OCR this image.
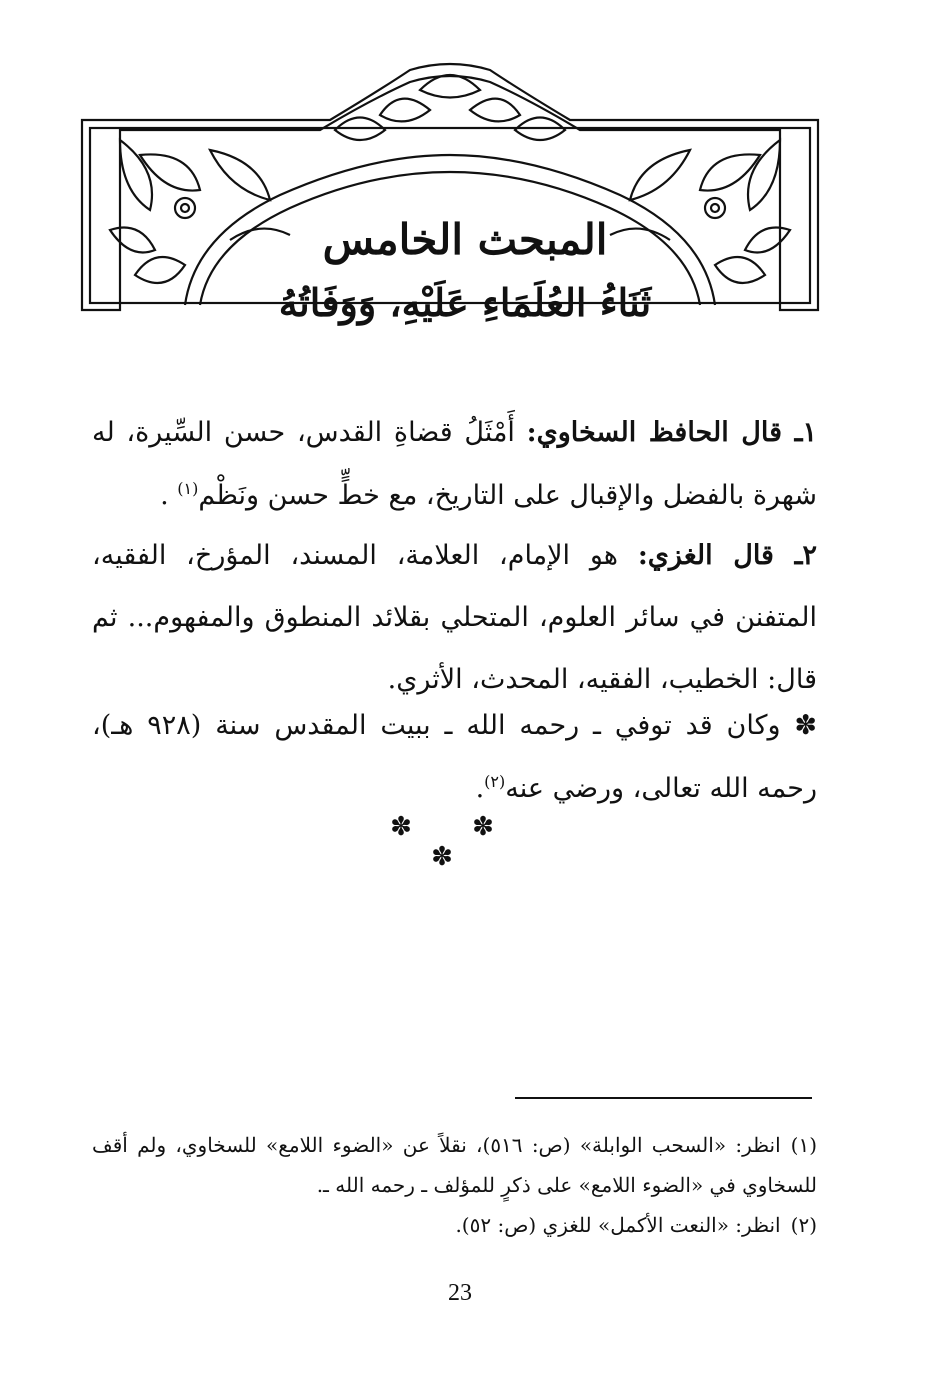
المبحث الخامس
ثَنَاءُ العُلَمَاءِ عَلَيْهِ، وَوَفَاتُهُ
١ـ قال الحافظ السخاوي: أَمْثَلُ قضاةِ القدس، حسن السِّيرة، له شهرة بالفضل والإقبال على التاريخ، مع خطٍّ حسن ونَظْم$^{(١)}$ .
٢ـ قال الغزي: هو الإمام، العلامة، المسند، المؤرخ، الفقيه، المتفنن في سائر العلوم، المتحلي بقلائد المنطوق والمفهوم... ثم قال: الخطيب، الفقيه، المحدث، الأثري.
✽ وكان قد توفي ـ رحمه الله ـ ببيت المقدس سنة (٩٢٨ هـ)، رحمه الله تعالى، ورضي عنه$^{(٢)}$.
✽ ✽ ✽

(١)انظر: «السحب الوابلة» (ص: ٥١٦)، نقلاً عن «الضوء اللامع» للسخاوي، ولم أقف للسخاوي في «الضوء اللامع» على ذكرٍ للمؤلف ـ رحمه الله ـ.

(٢)انظر: «النعت الأكمل» للغزي (ص: ٥٢).

23
